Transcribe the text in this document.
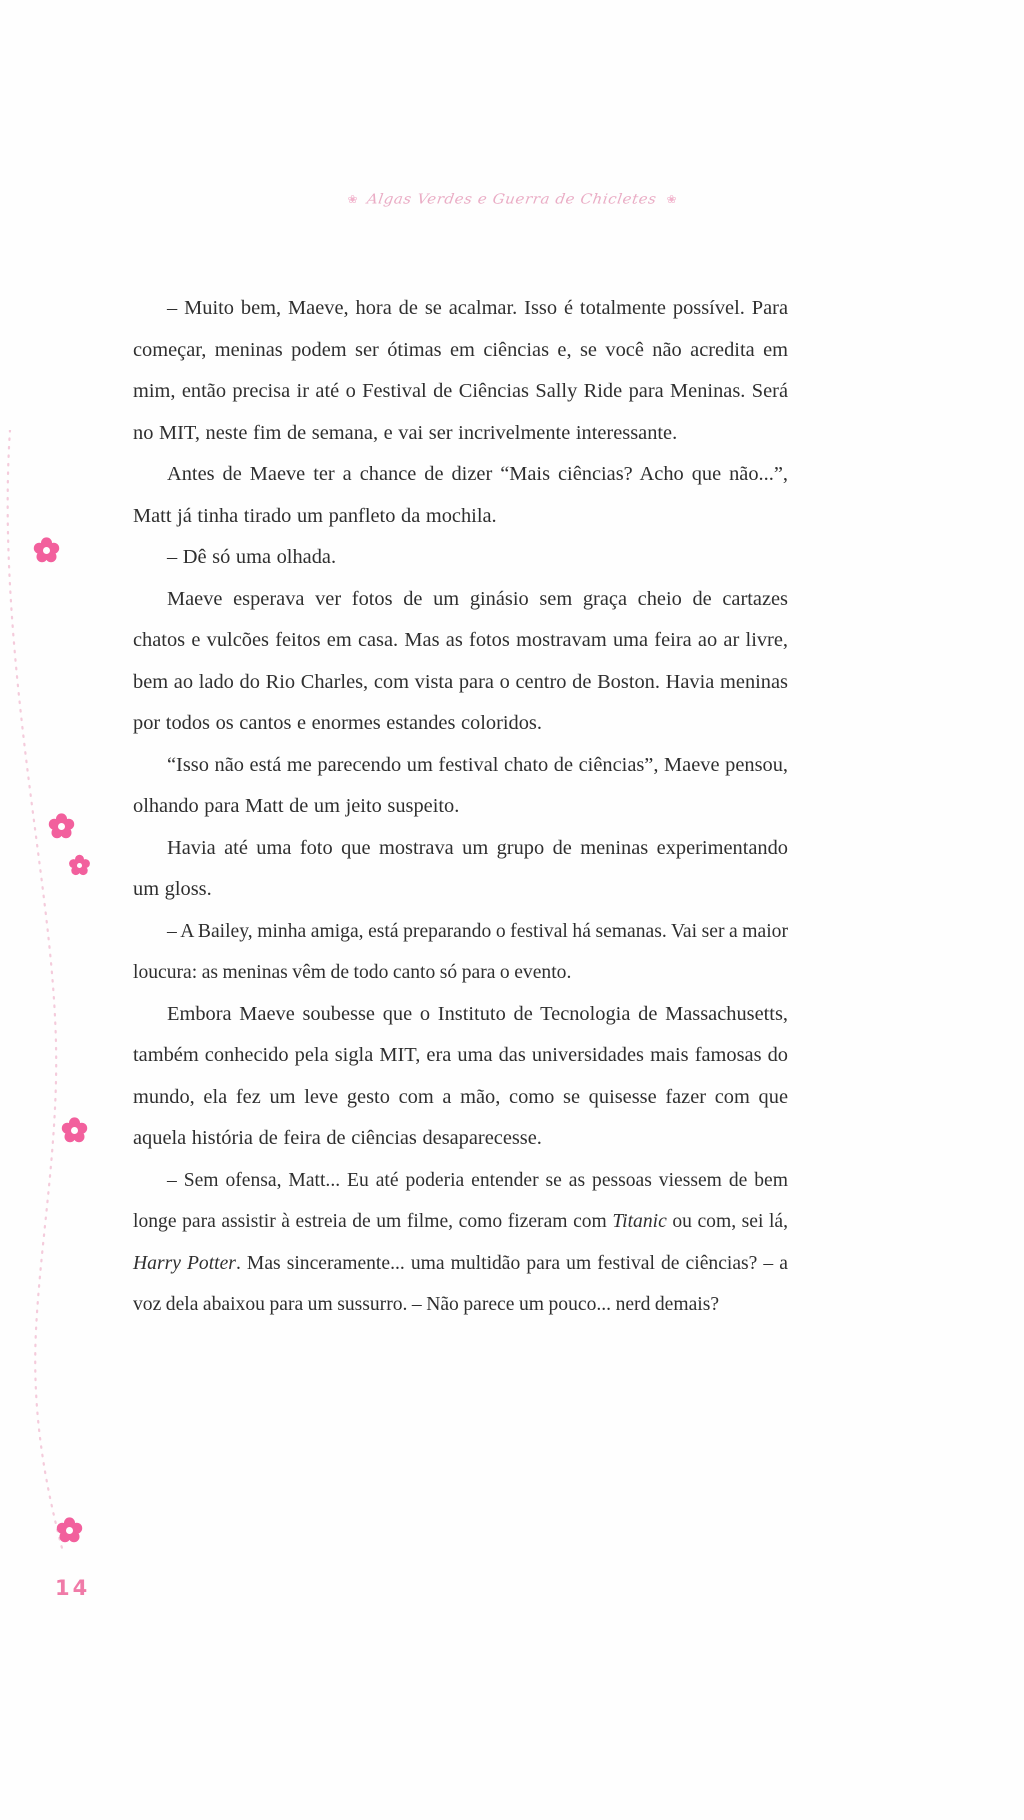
❀ Algas Verdes e Guerra de Chicletes ❀

– Muito bem, Maeve, hora de se acalmar. Isso é totalmente possível. Para começar, meninas podem ser ótimas em ciências e, se você não acredita em mim, então precisa ir até o Festival de Ciências Sally Ride para Meninas. Será no MIT, neste fim de semana, e vai ser incrivelmente interessante.

Antes de Maeve ter a chance de dizer “Mais ciências? Acho que não...”, Matt já tinha tirado um panfleto da mochila.

– Dê só uma olhada.

Maeve esperava ver fotos de um ginásio sem graça cheio de cartazes chatos e vulcões feitos em casa. Mas as fotos mostravam uma feira ao ar livre, bem ao lado do Rio Charles, com vista para o centro de Boston. Havia meninas por todos os cantos e enormes estandes coloridos.

“Isso não está me parecendo um festival chato de ciências”, Maeve pensou, olhando para Matt de um jeito suspeito.

Havia até uma foto que mostrava um grupo de meninas experimentando um gloss.

– A Bailey, minha amiga, está preparando o festival há semanas. Vai ser a maior loucura: as meninas vêm de todo canto só para o evento.

Embora Maeve soubesse que o Instituto de Tecnologia de Massachusetts, também conhecido pela sigla MIT, era uma das universidades mais famosas do mundo, ela fez um leve gesto com a mão, como se quisesse fazer com que aquela história de feira de ciências desaparecesse.

– Sem ofensa, Matt... Eu até poderia entender se as pessoas viessem de bem longe para assistir à estreia de um filme, como fizeram com Titanic ou com, sei lá, Harry Potter. Mas sinceramente... uma multidão para um festival de ciências? – a voz dela abaixou para um sussurro. – Não parece um pouco... nerd demais?

14
